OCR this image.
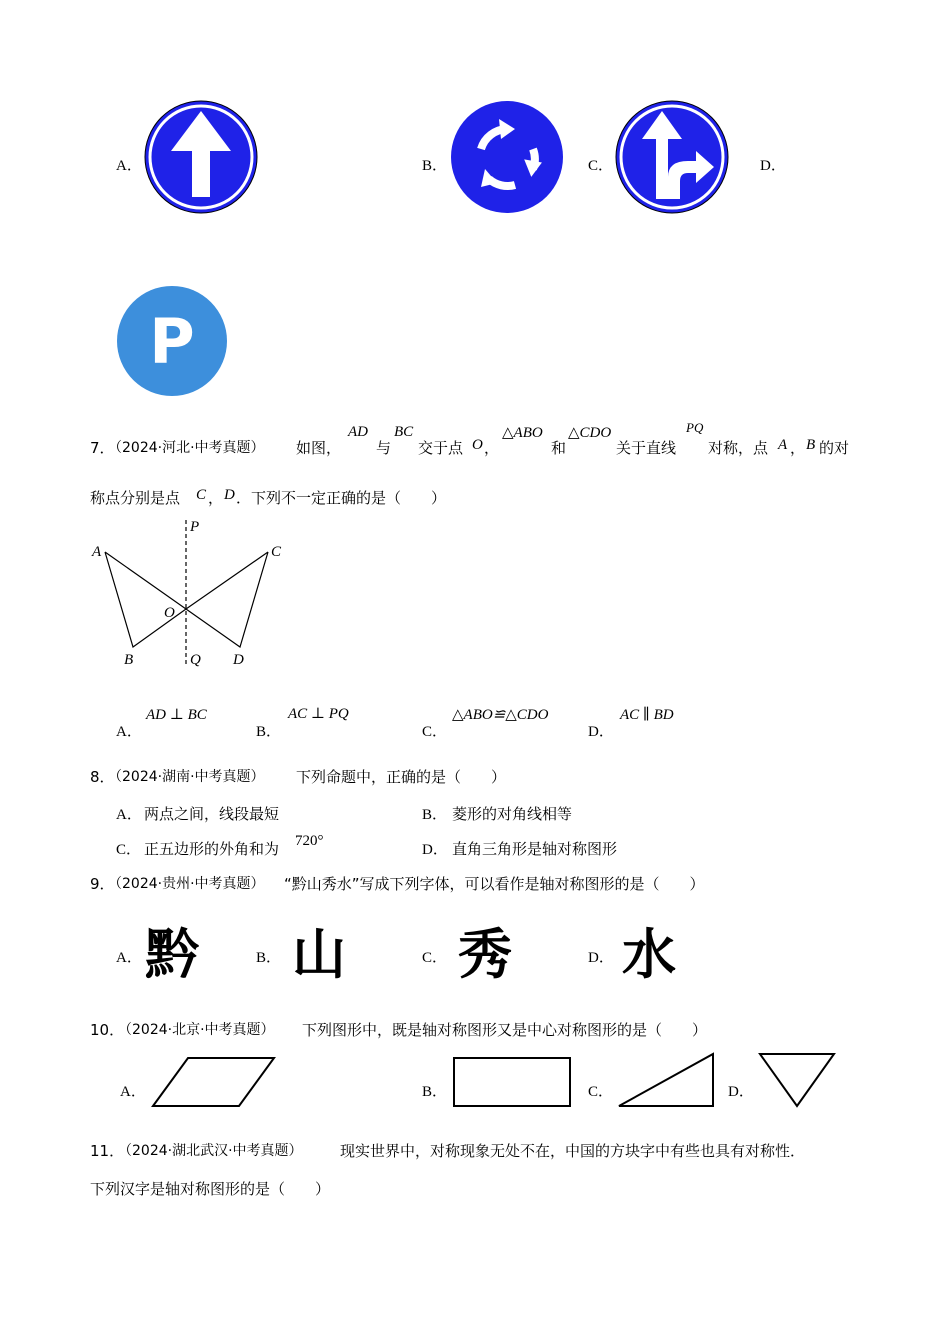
A．	B．	C．	D．
P
7．
（2024·河北·中考真题） 如图，
AD
与
BC
交于点 O ，
△ABO
和
△CDO
关于直线
PQ
对称，点 A ， B 的对
称点分别是点 C ， D ．下列不一定正确的是（　　）
P
A	C
O
B	Q D
A．
AD ⊥ BC
B．
AC ⊥ PQ
C．
△ABO≌△CDO
D．
AC ∥ BD
8．
（2024·湖南·中考真题） 下列命题中，正确的是（　　）
A． 两点之间，线段最短	B． 菱形的对角线相等
C． 正五边形的外角和为 720°
D． 直角三角形是轴对称图形
9．
（2024·贵州·中考真题） “黔山秀水”写成下列字体，可以看作是轴对称图形的是（　　）
A． 黔	B． 山	C． 秀	D． 水
10．
（2024·北京·中考真题） 下列图形中，既是轴对称图形又是中心对称图形的是（　　）
A．	B．	C．	D．
11．
（2024·湖北武汉·中考真题） 现实世界中，对称现象无处不在，中国的方块字中有些也具有对称性．
下列汉字是轴对称图形的是（　　）
